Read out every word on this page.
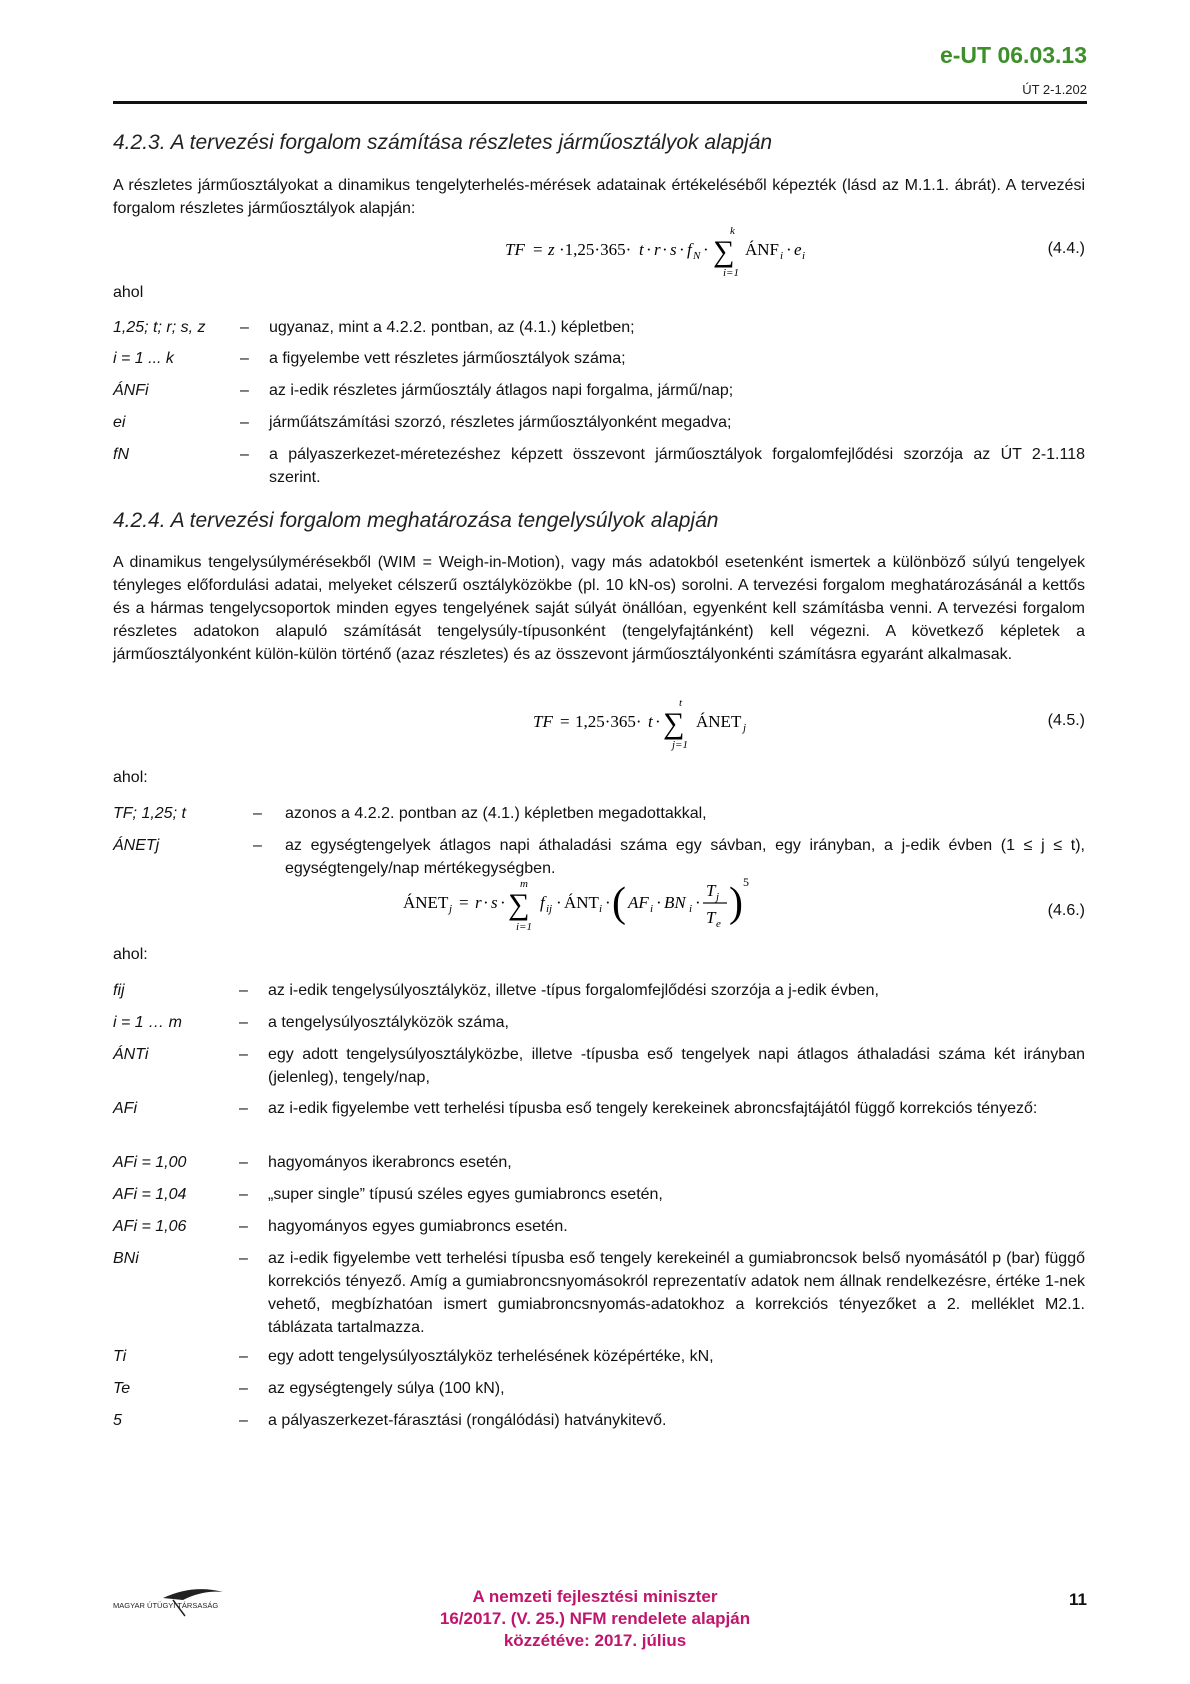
e-UT 06.03.13
ÚT 2-1.202
4.2.3. A tervezési forgalom számítása részletes járműosztályok alapján

A részletes járműosztályokat a dinamikus tengelyterhelés-mérések adatainak értékeléséből képezték (lásd az M.1.1. ábrát). A tervezési forgalom részletes járműosztályok alapján:

TF = z ·1,25·365· t · r · s · f N · ∑
k
i=1
ÁNF i · e i	(4.4.)
ahol
1,25; t; r; s, z – ugyanaz, mint a 4.2.2. pontban, az (4.1.) képletben;
i = 1 ... k	– a figyelembe vett részletes járműosztályok száma;
ÁNFi	– az i-edik részletes járműosztály átlagos napi forgalma, jármű/nap;
ei	– járműátszámítási szorzó, részletes járműosztályonként megadva;
fN	– a pályaszerkezet-méretezéshez képzett összevont járműosztályok forgalomfejlődési szorzója az ÚT 2-1.118 szerint.
4.2.4. A tervezési forgalom meghatározása tengelysúlyok alapján

A dinamikus tengelysúlymérésekből (WIM = Weigh-in-Motion), vagy más adatokból esetenként ismertek a különböző súlyú tengelyek tényleges előfordulási adatai, melyeket célszerű osztályközökbe (pl. 10 kN-os) sorolni. A tervezési forgalom meghatározásánál a kettős és a hármas tengelycsoportok minden egyes tengelyének saját súlyát önállóan, egyenként kell számításba venni. A tervezési forgalom részletes adatokon alapuló számítását tengelysúly-típusonként (tengelyfajtánként) kell végezni. A következő képletek a járműosztályonként külön-külön történő (azaz részletes) és az összevont járműosztályonkénti számításra egyaránt alkalmasak.

TF = 1,25·365· t · ∑
t
j=1
ÁNET j	(4.5.)
ahol:
TF; 1,25; t	– azonos a 4.2.2. pontban az (4.1.) képletben megadottakkal,
ÁNETj	– az egységtengelyek átlagos napi áthaladási száma egy sávban, egy irányban, a j-edik évben (1 ≤ j ≤ t), egységtengely/nap mértékegységben.
ÁNET j = r · s · ∑
m
i=1
f ij · ÁNT i · ( AF i · BN i ·
T j
T e ) 5
(4.6.)
ahol:
fij	– az i-edik tengelysúlyosztályköz, illetve -típus forgalomfejlődési szorzója a j-edik évben,
i = 1 … m	– a tengelysúlyosztályközök száma,
ÁNTi	– egy adott tengelysúlyosztályközbe, illetve -típusba eső tengelyek napi átlagos áthaladási száma két irányban (jelenleg), tengely/nap,
AFi	– az i-edik figyelembe vett terhelési típusba eső tengely kerekeinek abroncsfajtájától függő korrekciós tényező:
AFi = 1,00	– hagyományos ikerabroncs esetén,
AFi = 1,04	– „super single” típusú széles egyes gumiabroncs esetén,
AFi = 1,06	– hagyományos egyes gumiabroncs esetén.
BNi	– az i-edik figyelembe vett terhelési típusba eső tengely kerekeinél a gumiabroncsok belső nyomásától p (bar) függő korrekciós tényező. Amíg a gumiabroncsnyomásokról reprezentatív adatok nem állnak rendelkezésre, értéke 1-nek vehető, megbízhatóan ismert gumiabroncsnyomás-adatokhoz a korrekciós tényezőket a 2. melléklet M2.1. táblázata tartalmazza.
Ti	– egy adott tengelysúlyosztályköz terhelésének középértéke, kN,
Te	– az egységtengely súlya (100 kN),
5	– a pályaszerkezet-fárasztási (rongálódási) hatványkitevő.
MAGYAR ÚTÜGYI TÁRSASÁG	A nemzeti fejlesztési miniszter
16/2017. (V. 25.) NFM rendelete alapján
közzétéve: 2017. július
11
